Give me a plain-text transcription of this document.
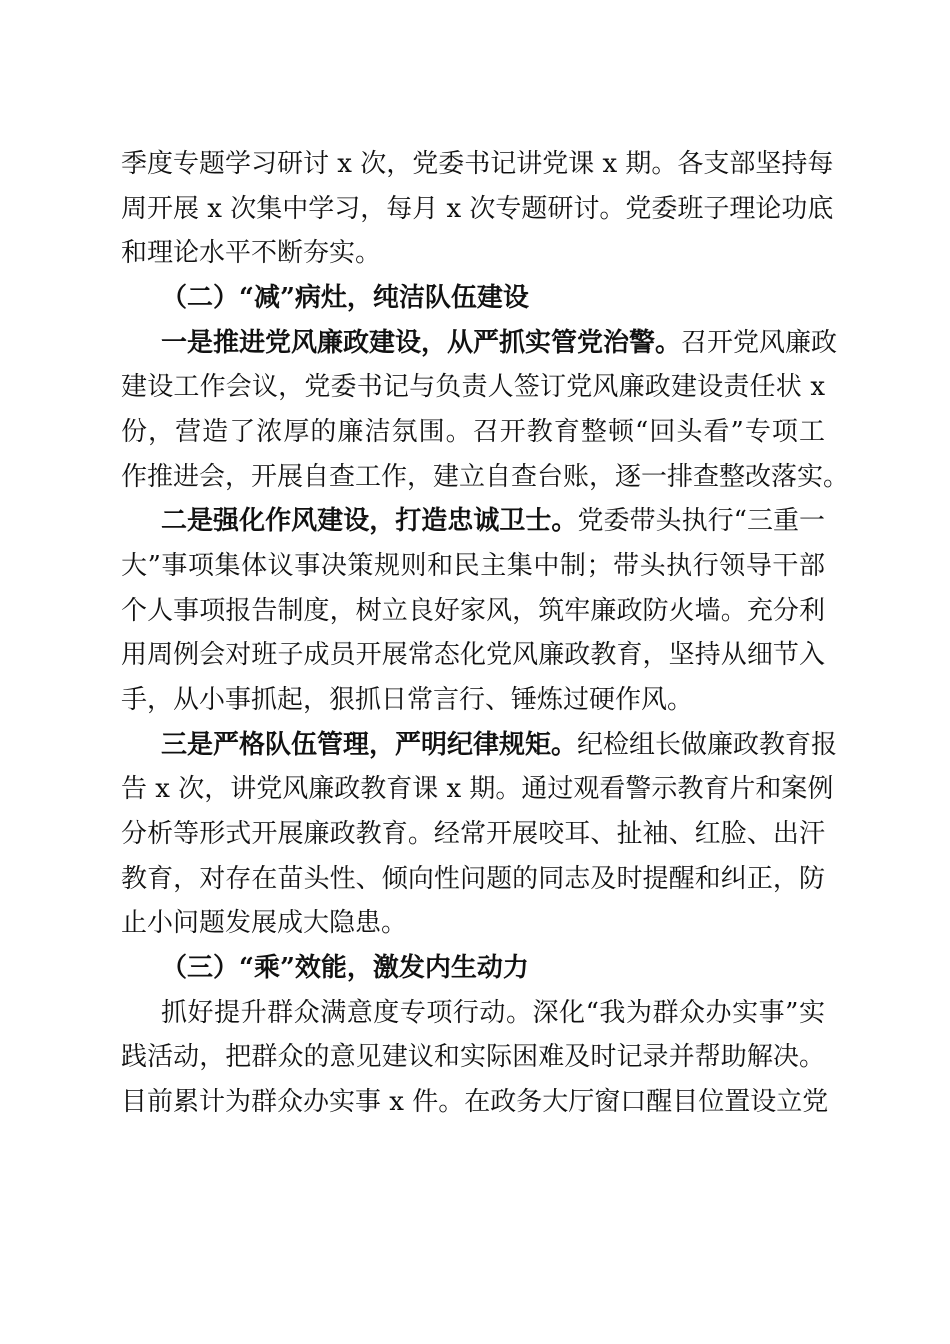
季度专题学习研讨 x 次，党委书记讲党课 x 期。各支部坚持每
周开展 x 次集中学习，每月 x 次专题研讨。党委班子理论功底
和理论水平不断夯实。
（二）“减”病灶，纯洁队伍建设
一是推进党风廉政建设，从严抓实管党治警。召开党风廉政
建设工作会议，党委书记与负责人签订党风廉政建设责任状 x
份，营造了浓厚的廉洁氛围。召开教育整顿“回头看”专项工
作推进会，开展自查工作，建立自查台账，逐一排查整改落实。
二是强化作风建设，打造忠诚卫士。党委带头执行“三重一
大”事项集体议事决策规则和民主集中制；带头执行领导干部
个人事项报告制度，树立良好家风，筑牢廉政防火墙。充分利
用周例会对班子成员开展常态化党风廉政教育，坚持从细节入
手，从小事抓起，狠抓日常言行、锤炼过硬作风。
三是严格队伍管理，严明纪律规矩。纪检组长做廉政教育报
告 x 次，讲党风廉政教育课 x 期。通过观看警示教育片和案例
分析等形式开展廉政教育。经常开展咬耳、扯袖、红脸、出汗
教育，对存在苗头性、倾向性问题的同志及时提醒和纠正，防
止小问题发展成大隐患。
（三）“乘”效能，激发内生动力
抓好提升群众满意度专项行动。深化“我为群众办实事”实
践活动，把群众的意见建议和实际困难及时记录并帮助解决。
目前累计为群众办实事 x 件。在政务大厅窗口醒目位置设立党
